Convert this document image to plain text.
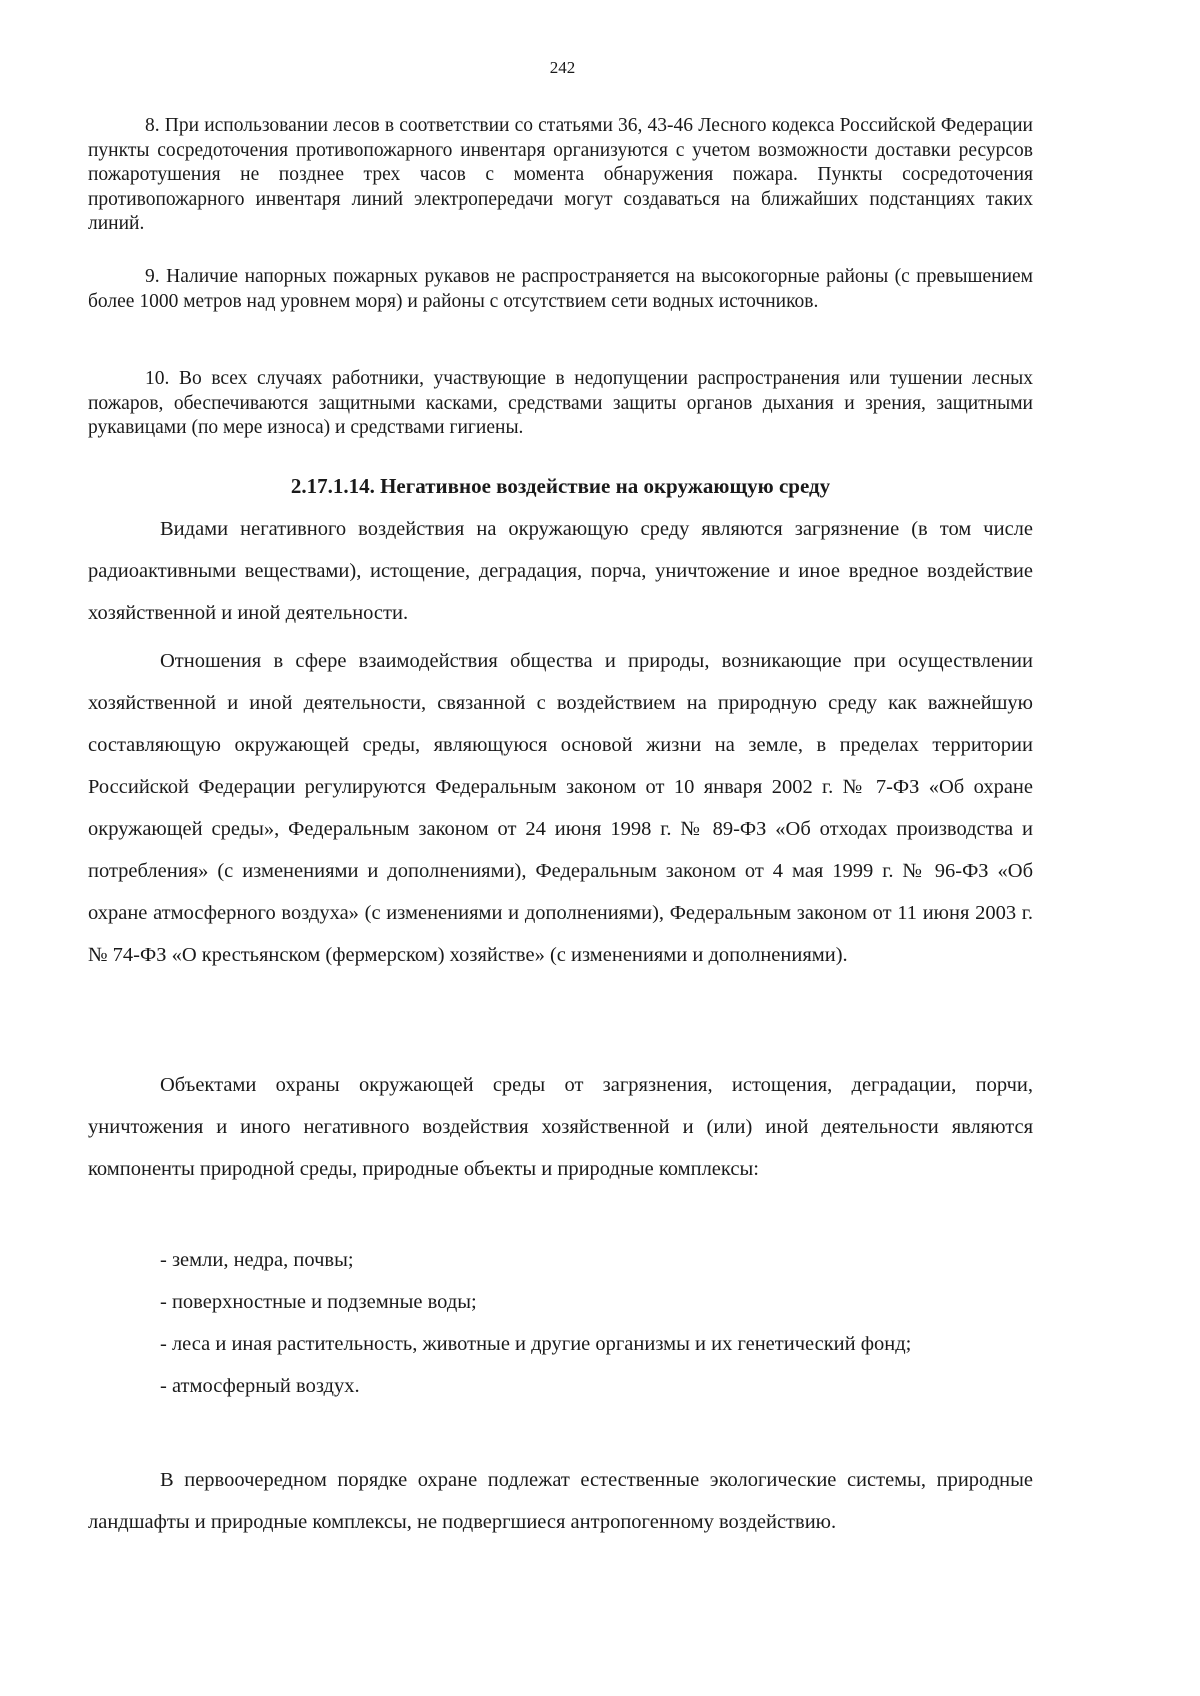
242

8. При использовании лесов в соответствии со статьями 36, 43-46 Лесного кодекса Российской Федерации пункты сосредоточения противопожарного инвентаря организуются с учетом возможности доставки ресурсов пожаротушения не позднее трех часов с момента обнаружения пожара. Пункты сосредоточения противопожарного инвентаря линий электропередачи могут создаваться на ближайших подстанциях таких линий.

9. Наличие напорных пожарных рукавов не распространяется на высокогорные районы (с превышением более 1000 метров над уровнем моря) и районы с отсутствием сети водных источников.

10. Во всех случаях работники, участвующие в недопущении распространения или тушении лесных пожаров, обеспечиваются защитными касками, средствами защиты органов дыхания и зрения, защитными рукавицами (по мере износа) и средствами гигиены.

2.17.1.14. Негативное воздействие на окружающую среду

Видами негативного воздействия на окружающую среду являются загрязнение (в том числе радиоактивными веществами), истощение, деградация, порча, уничтожение и иное вредное воздействие хозяйственной и иной деятельности.

Отношения в сфере взаимодействия общества и природы, возникающие при осуществлении хозяйственной и иной деятельности, связанной с воздействием на природную среду как важнейшую составляющую окружающей среды, являющуюся основой жизни на земле, в пределах территории Российской Федерации регулируются Федеральным законом от 10 января 2002 г. № 7-ФЗ «Об охране окружающей среды», Федеральным законом от 24 июня 1998 г. № 89-ФЗ «Об отходах производства и потребления» (с изменениями и дополнениями), Федеральным законом от 4 мая 1999 г. № 96-ФЗ «Об охране атмосферного воздуха» (с изменениями и дополнениями), Федеральным законом от 11 июня 2003 г. № 74-ФЗ «О крестьянском (фермерском) хозяйстве» (с изменениями и дополнениями).

Объектами охраны окружающей среды от загрязнения, истощения, деградации, порчи, уничтожения и иного негативного воздействия хозяйственной и (или) иной деятельности являются компоненты природной среды, природные объекты и природные комплексы:

- земли, недра, почвы;
- поверхностные и подземные воды;
- леса и иная растительность, животные и другие организмы и их генетический фонд;
- атмосферный воздух.

В первоочередном порядке охране подлежат естественные экологические системы, природные ландшафты и природные комплексы, не подвергшиеся антропогенному воздействию.
